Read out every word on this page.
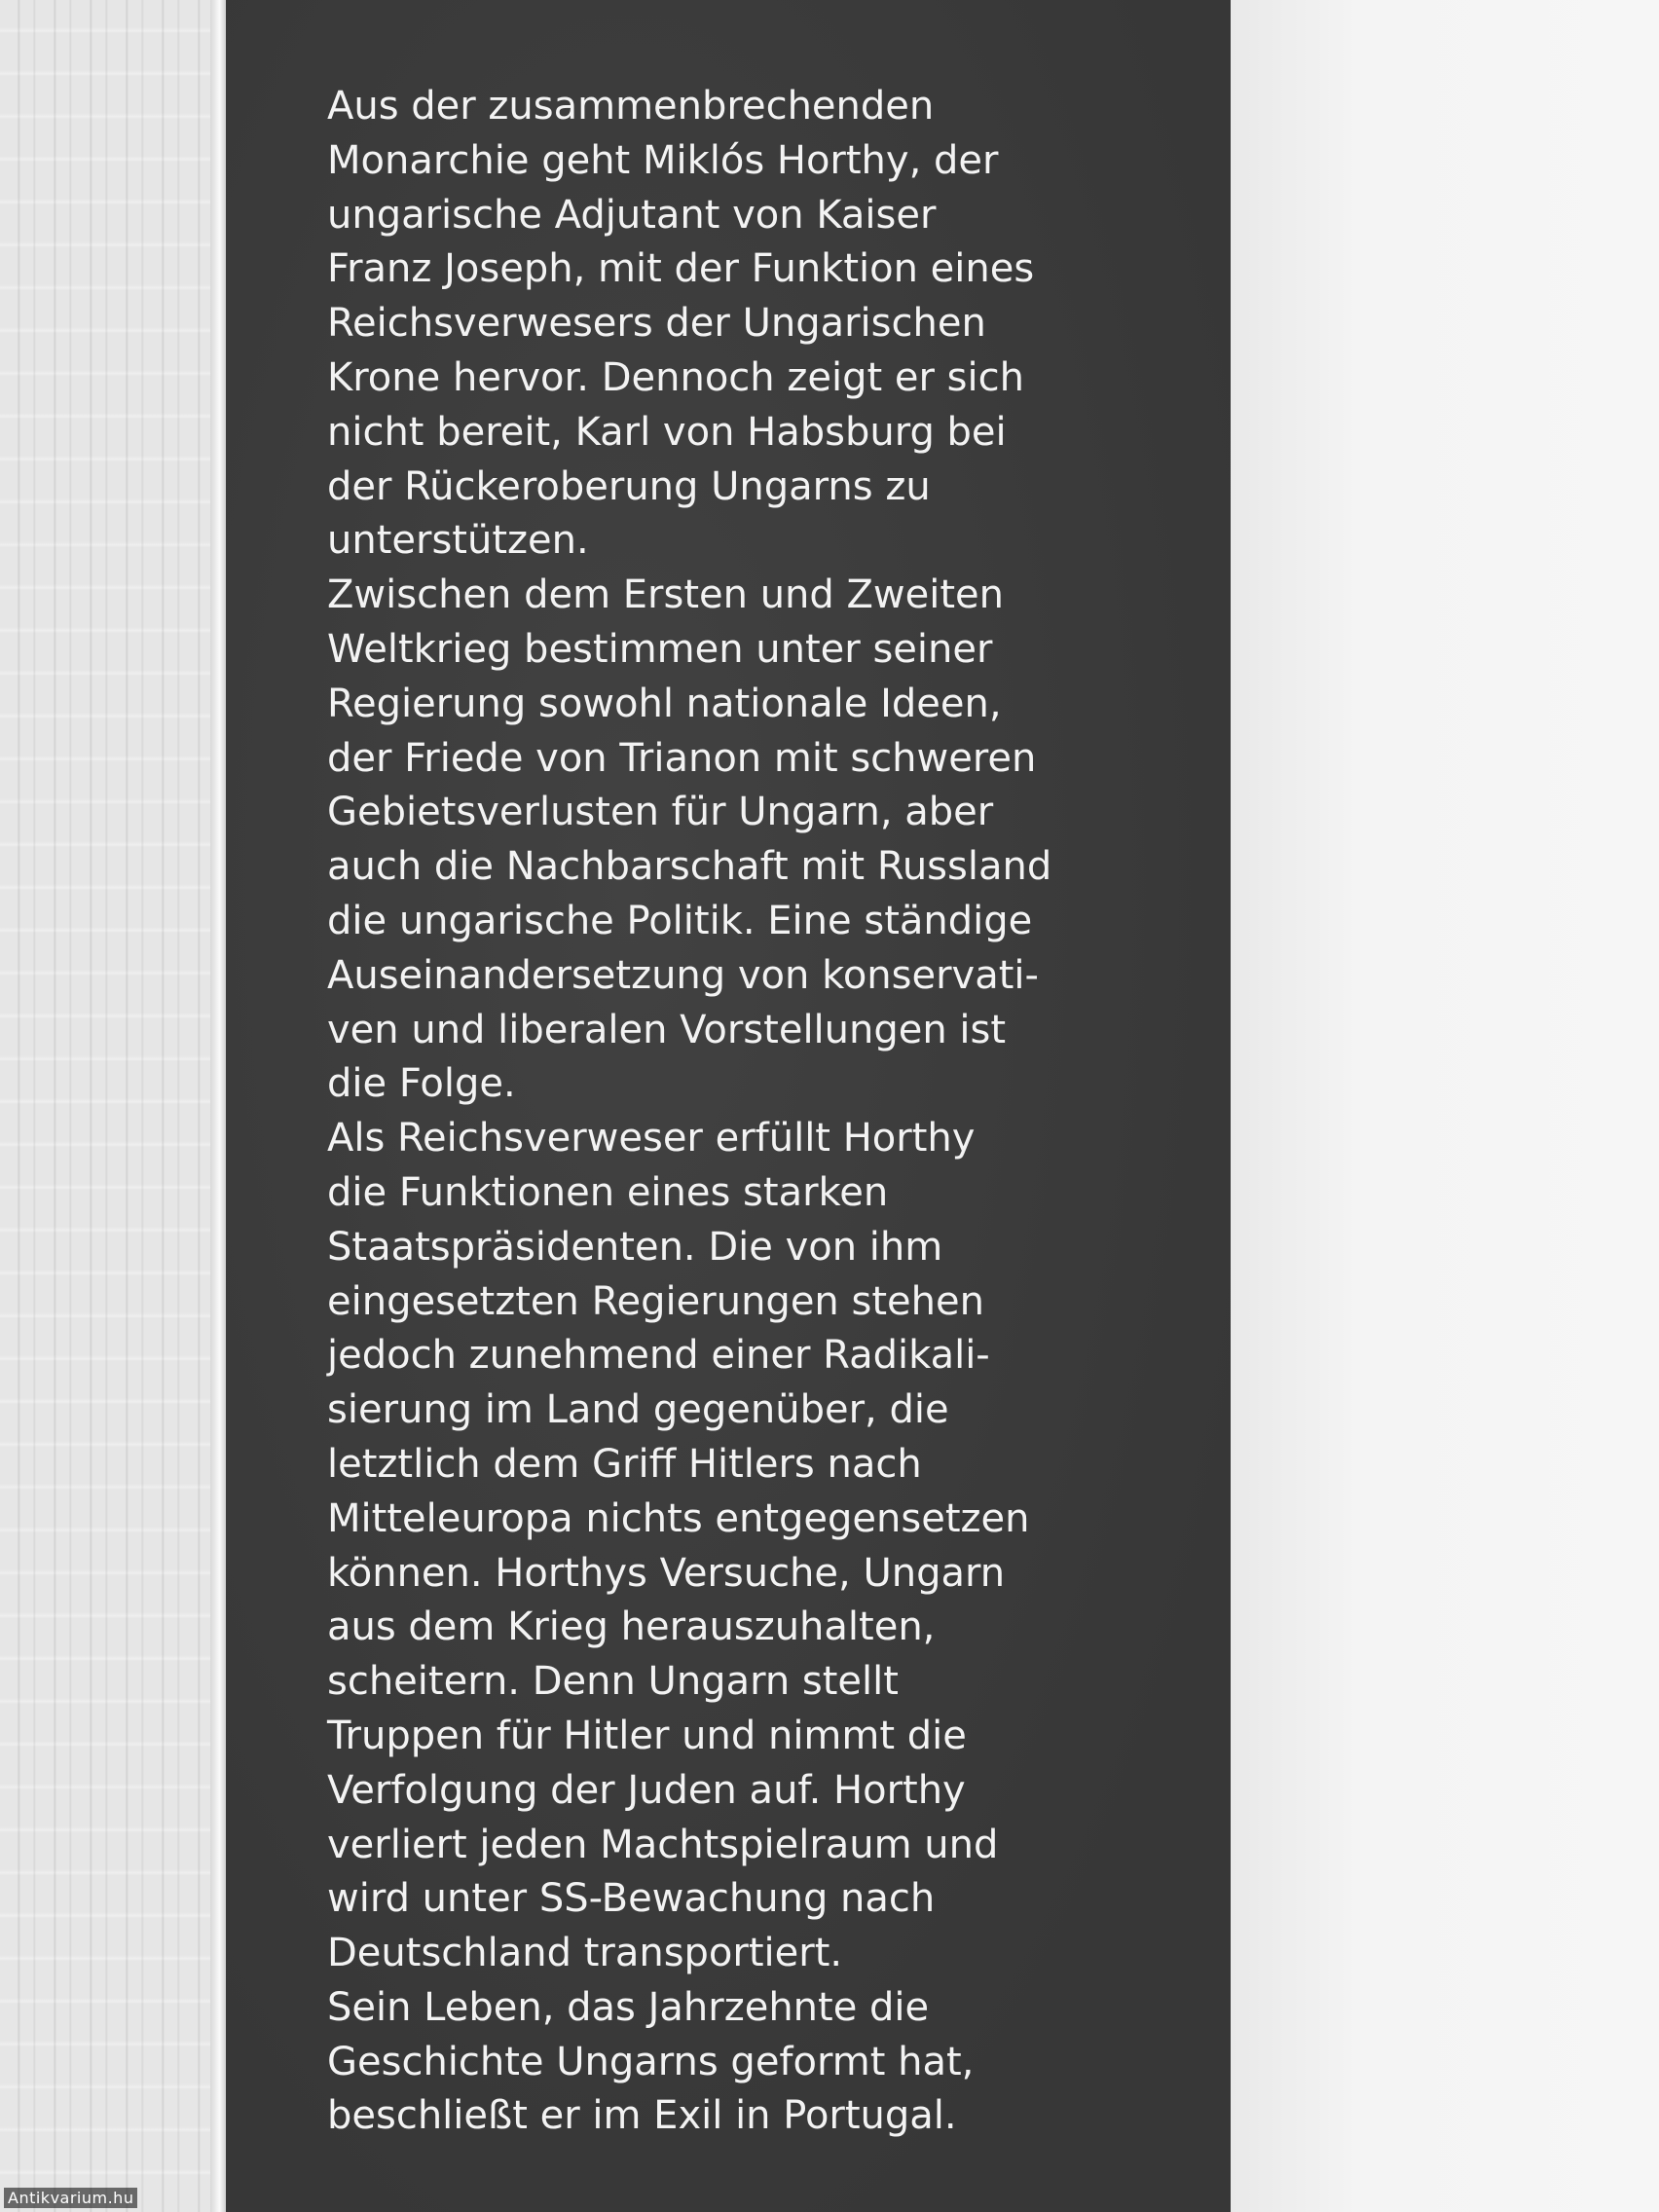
Aus der zusammenbrechenden
Monarchie geht Miklós Horthy, der
ungarische Adjutant von Kaiser
Franz Joseph, mit der Funktion eines
Reichsverwesers der Ungarischen
Krone hervor. Dennoch zeigt er sich
nicht bereit, Karl von Habsburg bei
der Rückeroberung Ungarns zu
unterstützen.

Zwischen dem Ersten und Zweiten
Weltkrieg bestimmen unter seiner
Regierung sowohl nationale Ideen,
der Friede von Trianon mit schweren
Gebietsverlusten für Ungarn, aber
auch die Nachbarschaft mit Russland
die ungarische Politik. Eine ständige
Auseinandersetzung von konservati-
ven und liberalen Vorstellungen ist
die Folge.

Als Reichsverweser erfüllt Horthy
die Funktionen eines starken
Staatspräsidenten. Die von ihm
eingesetzten Regierungen stehen
jedoch zunehmend einer Radikali-
sierung im Land gegenüber, die
letztlich dem Griff Hitlers nach
Mitteleuropa nichts entgegensetzen
können. Horthys Versuche, Ungarn
aus dem Krieg herauszuhalten,
scheitern. Denn Ungarn stellt
Truppen für Hitler und nimmt die
Verfolgung der Juden auf. Horthy
verliert jeden Machtspielraum und
wird unter SS-Bewachung nach
Deutschland transportiert.

Sein Leben, das Jahrzehnte die
Geschichte Ungarns geformt hat,
beschließt er im Exil in Portugal.

Antikvarium.hu
